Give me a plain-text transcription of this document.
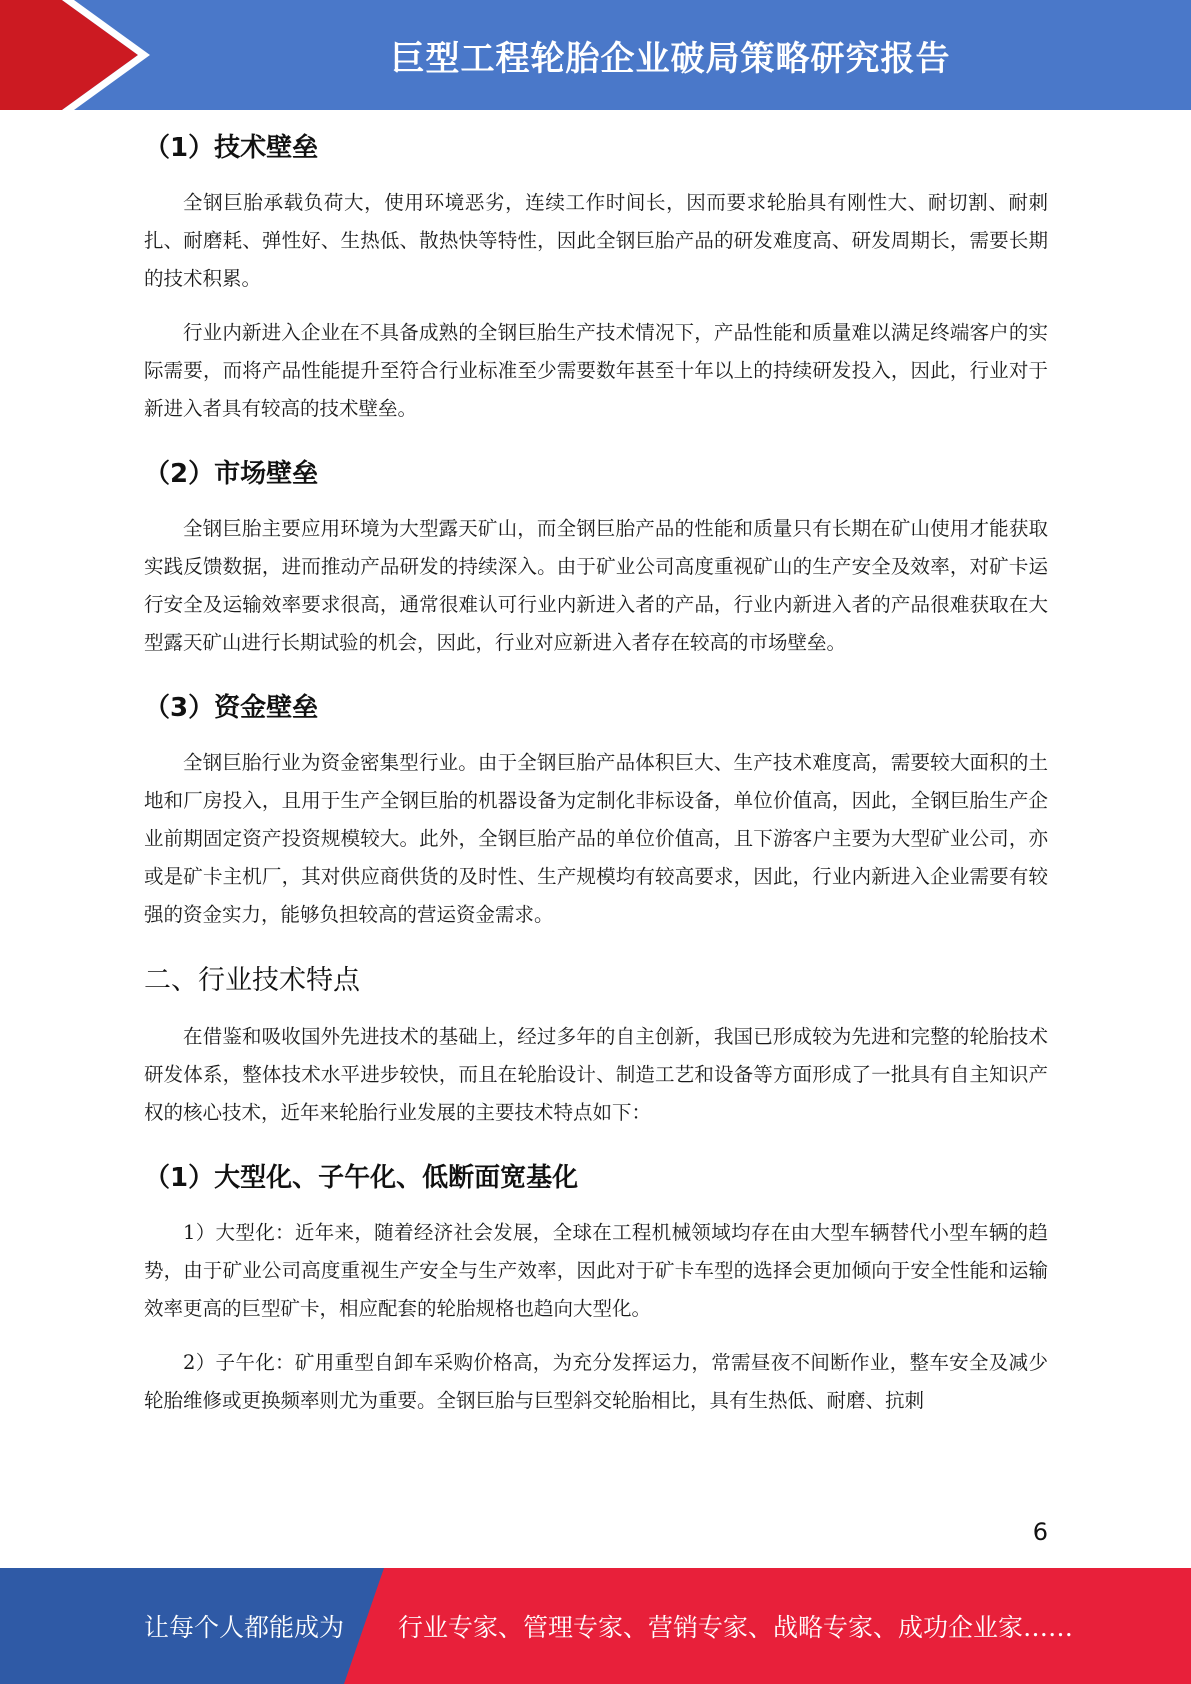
巨型工程轮胎企业破局策略研究报告
（1）技术壁垒

全钢巨胎承载负荷大，使用环境恶劣，连续工作时间长，因而要求轮胎具有刚性大、耐切割、耐刺扎、耐磨耗、弹性好、生热低、散热快等特性，因此全钢巨胎产品的研发难度高、研发周期长，需要长期的技术积累。

行业内新进入企业在不具备成熟的全钢巨胎生产技术情况下，产品性能和质量难以满足终端客户的实际需要，而将产品性能提升至符合行业标准至少需要数年甚至十年以上的持续研发投入，因此，行业对于新进入者具有较高的技术壁垒。

（2）市场壁垒

全钢巨胎主要应用环境为大型露天矿山，而全钢巨胎产品的性能和质量只有长期在矿山使用才能获取实践反馈数据，进而推动产品研发的持续深入。由于矿业公司高度重视矿山的生产安全及效率，对矿卡运行安全及运输效率要求很高，通常很难认可行业内新进入者的产品，行业内新进入者的产品很难获取在大型露天矿山进行长期试验的机会，因此，行业对应新进入者存在较高的市场壁垒。

（3）资金壁垒

全钢巨胎行业为资金密集型行业。由于全钢巨胎产品体积巨大、生产技术难度高，需要较大面积的土地和厂房投入，且用于生产全钢巨胎的机器设备为定制化非标设备，单位价值高，因此，全钢巨胎生产企业前期固定资产投资规模较大。此外，全钢巨胎产品的单位价值高，且下游客户主要为大型矿业公司，亦或是矿卡主机厂，其对供应商供货的及时性、生产规模均有较高要求，因此，行业内新进入企业需要有较强的资金实力，能够负担较高的营运资金需求。

二、行业技术特点

在借鉴和吸收国外先进技术的基础上，经过多年的自主创新，我国已形成较为先进和完整的轮胎技术研发体系，整体技术水平进步较快，而且在轮胎设计、制造工艺和设备等方面形成了一批具有自主知识产权的核心技术，近年来轮胎行业发展的主要技术特点如下：

（1）大型化、子午化、低断面宽基化

1）大型化：近年来，随着经济社会发展，全球在工程机械领域均存在由大型车辆替代小型车辆的趋势，由于矿业公司高度重视生产安全与生产效率，因此对于矿卡车型的选择会更加倾向于安全性能和运输效率更高的巨型矿卡，相应配套的轮胎规格也趋向大型化。

2）子午化：矿用重型自卸车采购价格高，为充分发挥运力，常需昼夜不间断作业，整车安全及减少轮胎维修或更换频率则尤为重要。全钢巨胎与巨型斜交轮胎相比，具有生热低、耐磨、抗刺

6
让每个人都能成为 行业专家、管理专家、营销专家、战略专家、成功企业家……
